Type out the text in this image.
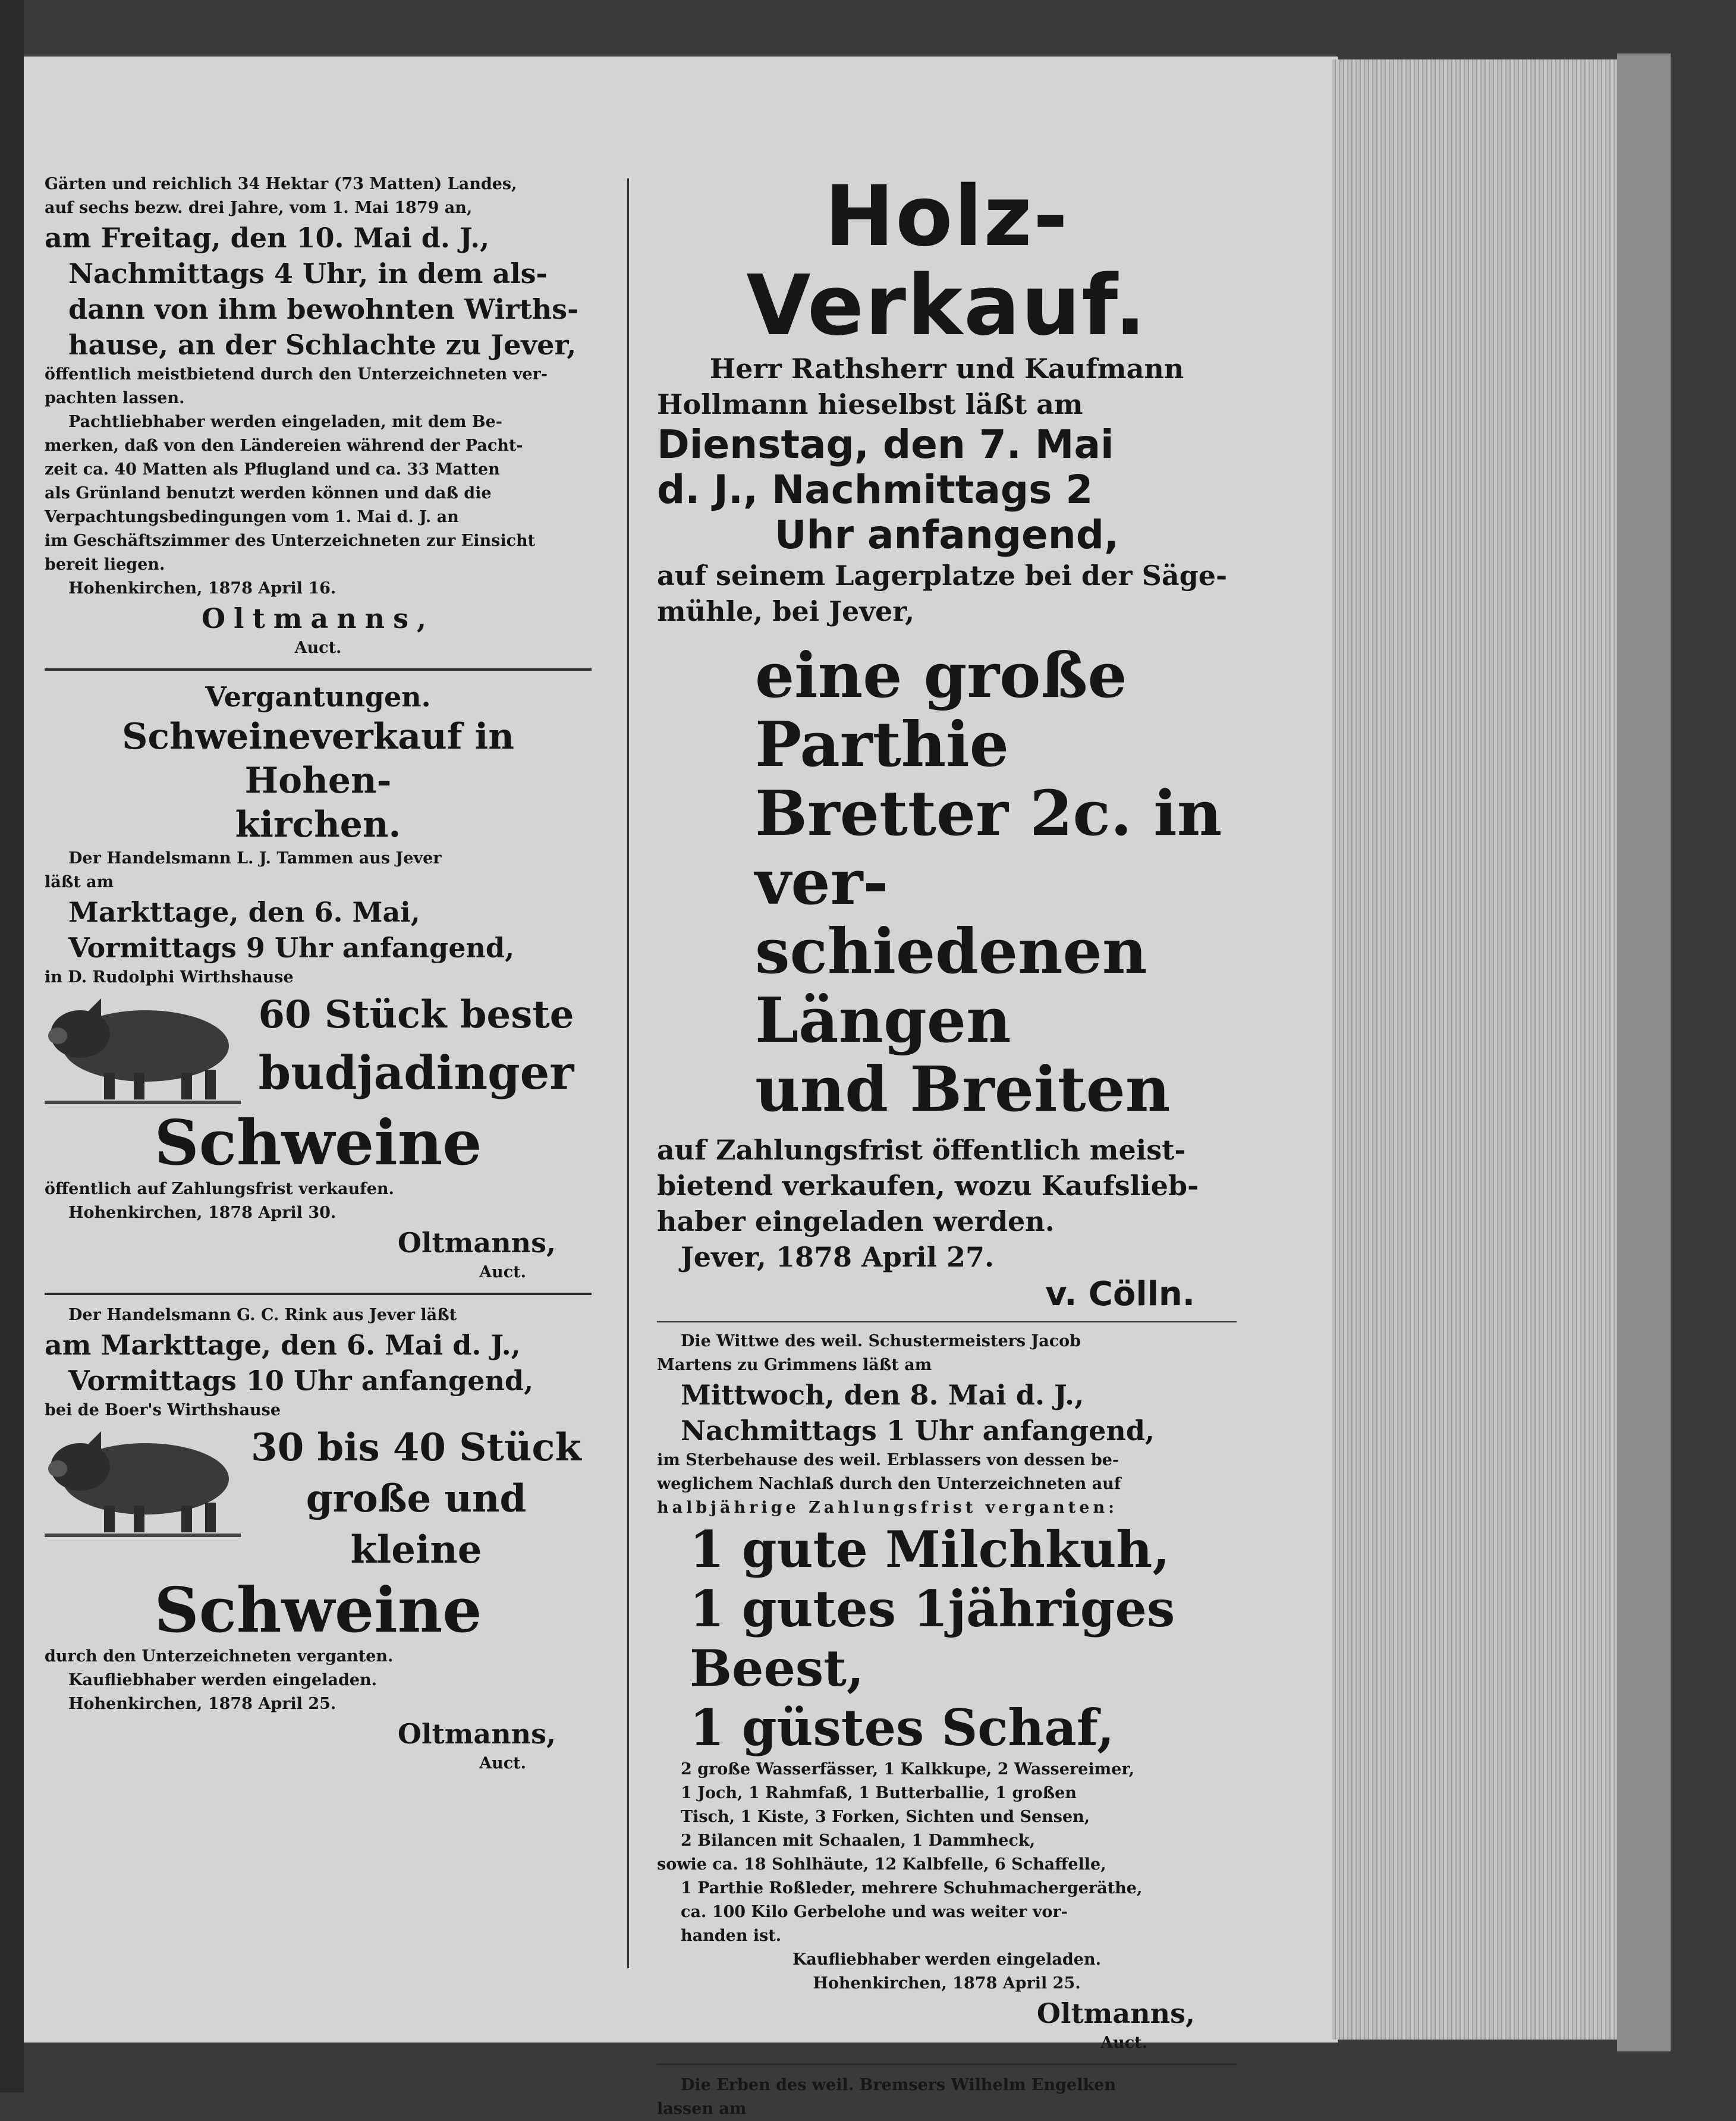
Gärten und reichlich 34 Hektar (73 Matten) Landes,

auf sechs bezw. drei Jahre, vom 1. Mai 1879 an,

am Freitag, den 10. Mai d. J.,

Nachmittags 4 Uhr, in dem als-

dann von ihm bewohnten Wirths-

hause, an der Schlachte zu Jever,

öffentlich meistbietend durch den Unterzeichneten ver-

pachten lassen.

Pachtliebhaber werden eingeladen, mit dem Be-

merken, daß von den Ländereien während der Pacht-

zeit ca. 40 Matten als Pflugland und ca. 33 Matten

als Grünland benutzt werden können und daß die

Verpachtungsbedingungen vom 1. Mai d. J. an

im Geschäftszimmer des Unterzeichneten zur Einsicht

bereit liegen.

Hohenkirchen, 1878 April 16.

Oltmanns,

Auct.

Vergantungen.

Schweineverkauf in Hohen-

kirchen.

Der Handelsmann L. J. Tammen aus Jever

läßt am

Markttage, den 6. Mai,

Vormittags 9 Uhr anfangend,

in D. Rudolphi Wirthshause

60 Stück beste

budjadinger

Schweine

öffentlich auf Zahlungsfrist verkaufen.

Hohenkirchen, 1878 April 30.

Oltmanns,

Auct.

Der Handelsmann G. C. Rink aus Jever läßt

am Markttage, den 6. Mai d. J.,

Vormittags 10 Uhr anfangend,

bei de Boer's Wirthshause

30 bis 40 Stück

große und kleine

Schweine

durch den Unterzeichneten verganten.

Kaufliebhaber werden eingeladen.

Hohenkirchen, 1878 April 25.

Oltmanns,

Auct.

Holz-Verkauf.

Herr Rathsherr und Kaufmann

Hollmann hieselbst läßt am

Dienstag, den 7. Mai

d. J., Nachmittags 2

Uhr anfangend,

auf seinem Lagerplatze bei der Säge-

mühle, bei Jever,

eine große Parthie

Bretter 2c. in ver-

schiedenen Längen

und Breiten

auf Zahlungsfrist öffentlich meist-

bietend verkaufen, wozu Kaufslieb-

haber eingeladen werden.

Jever, 1878 April 27.

v. Cölln.

Die Wittwe des weil. Schustermeisters Jacob

Martens zu Grimmens läßt am

Mittwoch, den 8. Mai d. J.,

Nachmittags 1 Uhr anfangend,

im Sterbehause des weil. Erblassers von dessen be-

weglichem Nachlaß durch den Unterzeichneten auf

halbjährige Zahlungsfrist verganten:

1 gute Milchkuh,

1 gutes 1jähriges Beest,

1 güstes Schaf,

2 große Wasserfässer, 1 Kalkkupe, 2 Wassereimer,

1 Joch, 1 Rahmfaß, 1 Butterballie, 1 großen

Tisch, 1 Kiste, 3 Forken, Sichten und Sensen,

2 Bilancen mit Schaalen, 1 Dammheck,

sowie ca. 18 Sohlhäute, 12 Kalbfelle, 6 Schaffelle,

1 Parthie Roßleder, mehrere Schuhmachergeräthe,

ca. 100 Kilo Gerbelohe und was weiter vor-

handen ist.

Kaufliebhaber werden eingeladen.

Hohenkirchen, 1878 April 25.

Oltmanns,

Auct.

Die Erben des weil. Bremsers Wilhelm Engelken

lassen am
